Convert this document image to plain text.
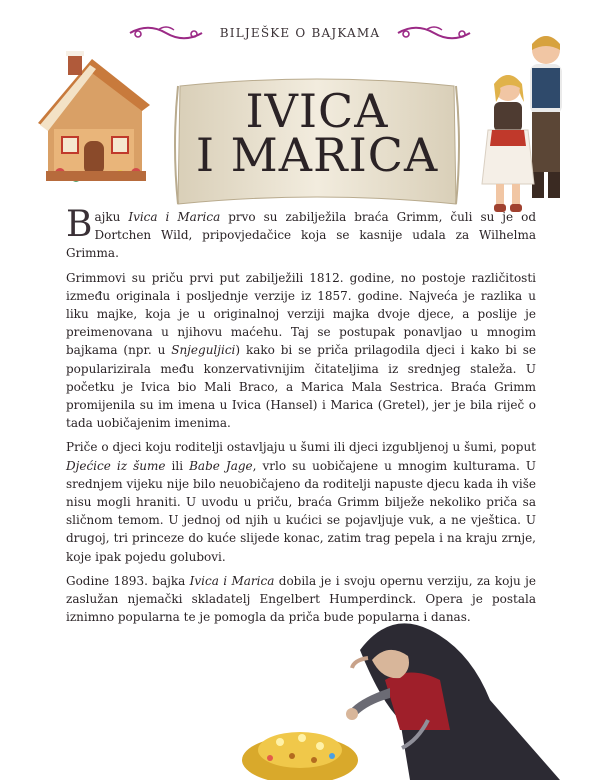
BILJEŠKE O BAJKAMA
IVICA
I MARICA

Bajku Ivica i Marica prvo su zabilježila braća Grimm, čuli su je od Dortchen Wild, pripovjedačice koja se kasnije udala za Wilhelma Grimma.

Grimmovi su priču prvi put zabilježili 1812. godine, no postoje različitosti između originala i posljednje verzije iz 1857. godine. Najveća je razlika u liku majke, koja je u originalnoj verziji majka dvoje djece, a poslije je preimenovana u njihovu maćehu. Taj se postupak ponavljao u mnogim bajkama (npr. u Snjeguljici) kako bi se priča prilagodila djeci i kako bi se popularizirala među konzervativnijim čitateljima iz srednjeg staleža. U početku je Ivica bio Mali Braco, a Marica Mala Sestrica. Braća Grimm promijenila su im imena u Ivica (Hansel) i Marica (Gretel), jer je bila riječ o tada uobičajenim imenima.

Priče o djeci koju roditelji ostavljaju u šumi ili djeci izgubljenoj u šumi, poput Djećice iz šume ili Babe Jage, vrlo su uobičajene u mnogim kulturama. U srednjem vijeku nije bilo neuobičajeno da roditelji napuste djecu kada ih više nisu mogli hraniti. U uvodu u priču, braća Grimm bilježe nekoliko priča sa sličnom temom. U jednoj od njih u kućici se pojavljuje vuk, a ne vještica. U drugoj, tri princeze do kuće slijede konac, zatim trag pepela i na kraju zrnje, koje ipak pojedu golubovi.

Godine 1893. bajka Ivica i Marica dobila je i svoju opernu verziju, za koju je zaslužan njemački skladatelj Engelbert Humperdinck. Opera je postala iznimno popularna te je pomogla da priča bude popularna i danas.
